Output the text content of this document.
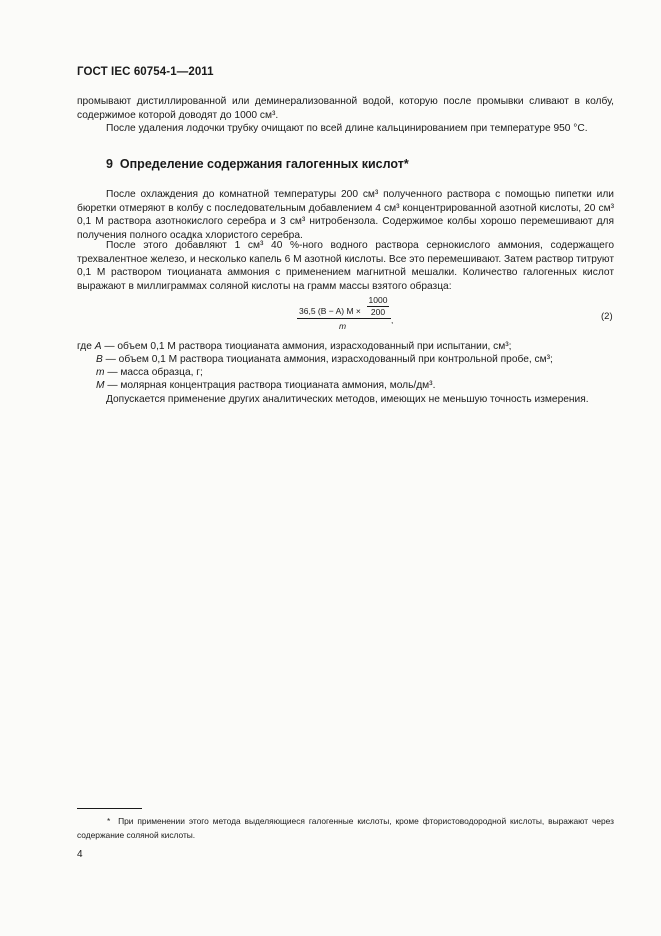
ГОСТ IEC 60754-1—2011
промывают дистиллированной или деминерализованной водой, которую после промывки сливают в колбу, содержимое которой доводят до 1000 см³.
После удаления лодочки трубку очищают по всей длине кальцинированием при температуре 950 °С.
9 Определение содержания галогенных кислот*
После охлаждения до комнатной температуры 200 см³ полученного раствора с помощью пипетки или бюретки отмеряют в колбу с последовательным добавлением 4 см³ концентрированной азотной кислоты, 20 см³ 0,1 М раствора азотнокислого серебра и 3 см³ нитробензола. Содержимое колбы хорошо перемешивают для получения полного осадка хлористого серебра.
После этого добавляют 1 см³ 40 %-ного водного раствора сернокислого аммония, содержащего трехвалентное железо, и несколько капель 6 М азотной кислоты. Все это перемешивают. Затем раствор титруют 0,1 М раствором тиоцианата аммония с применением магнитной мешалки. Количество галогенных кислот выражают в миллиграммах соляной кислоты на грамм массы взятого образца:
36,5 (B − A) $M \times \frac{1000}{200}$
m
,	(2)
где A — объем 0,1 М раствора тиоцианата аммония, израсходованный при испытании, см³;
B — объем 0,1 М раствора тиоцианата аммония, израсходованный при контрольной пробе, см³;
m — масса образца, г;
M — молярная концентрация раствора тиоцианата аммония, моль/дм³.
Допускается применение других аналитических методов, имеющих не меньшую точность измерения.
* При применении этого метода выделяющиеся галогенные кислоты, кроме фтористоводородной кислоты, выражают через содержание соляной кислоты.
4
